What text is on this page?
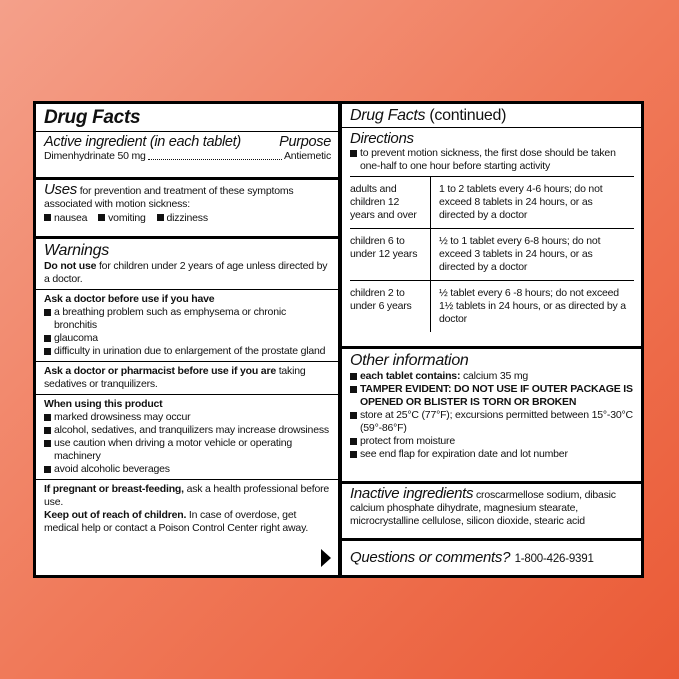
Drug Facts
Active ingredient (in each tablet)	Purpose
Dimenhydrinate 50 mg	Antiemetic
Uses for prevention and treatment of these symptoms associated with motion sickness:
nausea vomiting dizziness
Warnings
Do not use for children under 2 years of age unless directed by a doctor.
Ask a doctor before use if you have
a breathing problem such as emphysema or chronic bronchitis
glaucoma
difficulty in urination due to enlargement of the prostate gland
Ask a doctor or pharmacist before use if you are taking sedatives or tranquilizers.
When using this product
marked drowsiness may occur
alcohol, sedatives, and tranquilizers may increase drowsiness
use caution when driving a motor vehicle or operating machinery
avoid alcoholic beverages
If pregnant or breast-feeding, ask a health professional before use.
Keep out of reach of children. In case of overdose, get medical help or contact a Poison Control Center right away.
Drug Facts (continued)
Directions
to prevent motion sickness, the first dose should be taken one-half to one hour before starting activity
adults and children 12 years and over	1 to 2 tablets every 4-6 hours; do not exceed 8 tablets in 24 hours, or as directed by a doctor
children 6 to under 12 years	½ to 1 tablet every 6-8 hours; do not exceed 3 tablets in 24 hours, or as directed by a doctor
children 2 to under 6 years	½ tablet every 6 -8 hours; do not exceed 1½ tablets in 24 hours, or as directed by a doctor
Other information
each tablet contains: calcium 35 mg
TAMPER EVIDENT: DO NOT USE IF OUTER PACKAGE IS OPENED OR BLISTER IS TORN OR BROKEN
store at 25°C (77°F); excursions permitted between 15°-30°C (59°-86°F)
protect from moisture
see end flap for expiration date and lot number
Inactive ingredients croscarmellose sodium, dibasic calcium phosphate dihydrate, magnesium stearate, microcrystalline cellulose, silicon dioxide, stearic acid
Questions or comments? 1-800-426-9391
